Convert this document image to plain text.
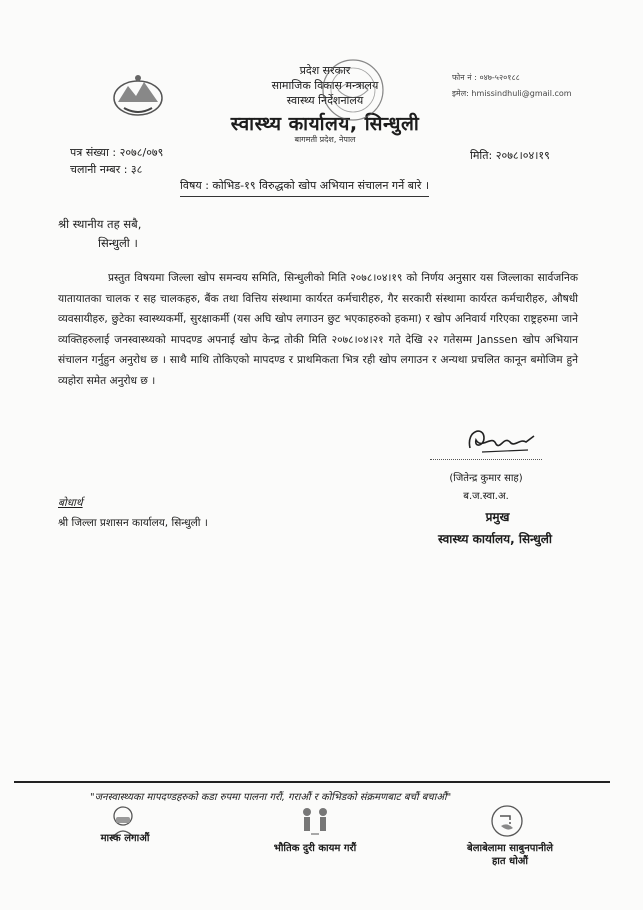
प्रदेश सरकार
सामाजिक विकास मन्त्रालय
स्वास्थ्य निर्देशनालय
स्वास्थ्य कार्यालय, सिन्धुली
बागमती प्रदेश, नेपाल
फोन नं : ०४७-५२०१८८
इमेल: hmissindhuli@gmail.com
पत्र संख्या : २०७८/०७९
चलानी नम्बर : ३८
मिति: २०७८।०४।१९
विषय : कोभिड-१९ विरुद्धको खोप अभियान संचालन गर्ने बारे ।
श्री स्थानीय तह सबै,
सिन्धुली ।
प्रस्तुत विषयमा जिल्ला खोप समन्वय समिति, सिन्धुलीको मिति २०७८।०४।१९ को निर्णय अनुसार यस जिल्लाका सार्वजनिक यातायातका चालक र सह चालकहरु, बैंक तथा वित्तिय संस्थामा कार्यरत कर्मचारीहरु, गैर सरकारी संस्थामा कार्यरत कर्मचारीहरु, औषधी व्यवसायीहरु, छुटेका स्वास्थ्यकर्मी, सुरक्षाकर्मी (यस अघि खोप लगाउन छुट भएकाहरुको हकमा) र खोप अनिवार्य गरिएका राष्ट्रहरुमा जाने व्यक्तिहरुलाई जनस्वास्थ्यको मापदण्ड अपनाई खोप केन्द्र तोकी मिति २०७८।०४।२१ गते देखि २२ गतेसम्म Janssen खोप अभियान संचालन गर्नुहुन अनुरोध छ । साथै माथि तोकिएको मापदण्ड र प्राथमिकता भित्र रही खोप लगाउन र अन्यथा प्रचलित कानून बमोजिम हुने व्यहोरा समेत अनुरोध छ ।
(जितेन्द्र कुमार साह)
ब.ज.स्वा.अ.
प्रमुख
स्वास्थ्य कार्यालय, सिन्धुली
बोधार्थ
श्री जिल्ला प्रशासन कार्यालय, सिन्धुली ।
"जनस्वास्थ्यका मापदण्डहरुको कडा रुपमा पालना गरौं, गराऔं र कोभिडको संक्रमणबाट बचौं बचाऔं"
मास्क लगाऔं
भौतिक दुरी कायम गरौं	बेलाबेलामा साबुनपानीले
हात धोऔं
